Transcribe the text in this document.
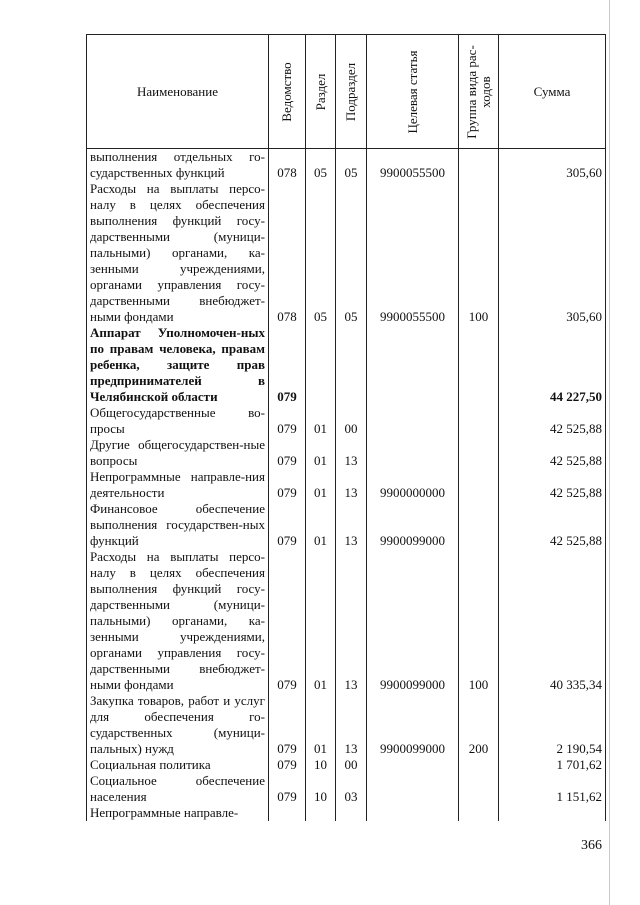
Наименование	Ведомство	Раздел	Подраздел	Целевая статья	Группа вида рас-ходов	Сумма
выполнения отдельных го-сударственных функций	078	05	05	9900055500		305,60
Расходы на выплаты персо-налу в целях обеспечения выполнения функций госу-дарственными (муници-пальными) органами, ка-зенными учреждениями, органами управления госу-дарственными внебюджет-ными фондами	078	05	05	9900055500	100	305,60
Аппарат Уполномочен-ных по правам человека, правам ребенка, защите прав предпринимателей в Челябинской области	079					44 227,50
Общегосударственные во-просы	079	01	00			42 525,88
Другие общегосударствен-ные вопросы	079	01	13			42 525,88
Непрограммные направле-ния деятельности	079	01	13	9900000000		42 525,88
Финансовое обеспечение выполнения государствен-ных функций	079	01	13	9900099000		42 525,88
Расходы на выплаты персо-налу в целях обеспечения выполнения функций госу-дарственными (муници-пальными) органами, ка-зенными учреждениями, органами управления госу-дарственными внебюджет-ными фондами	079	01	13	9900099000	100	40 335,34
Закупка товаров, работ и услуг для обеспечения го-сударственных (муници-пальных) нужд	079	01	13	9900099000	200	2 190,54
Социальная политика	079	10	00			1 701,62
Социальное обеспечение населения	079	10	03			1 151,62
Непрограммные направле-						
366
